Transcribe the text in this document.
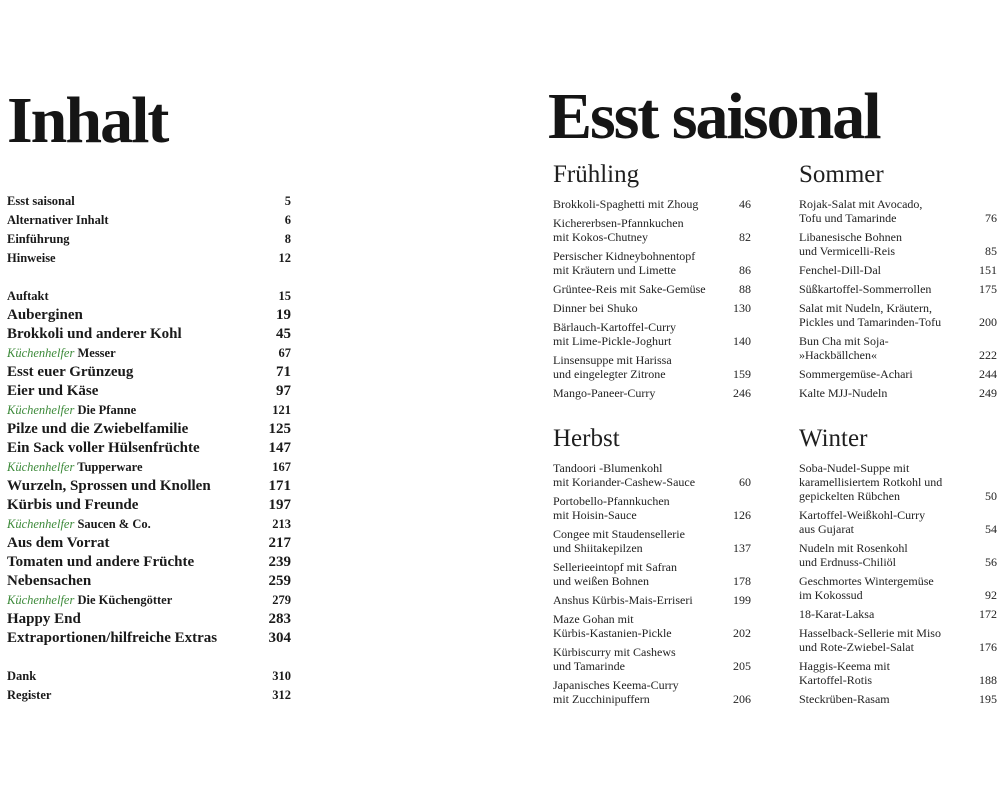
Inhalt
Esst saisonal	5
Alternativer Inhalt	6
Einführung	8
Hinweise	12
Auftakt	15
Auberginen	19
Brokkoli und anderer Kohl	45
Küchenhelfer Messer	67
Esst euer Grünzeug	71
Eier und Käse	97
Küchenhelfer Die Pfanne	121
Pilze und die Zwiebelfamilie	125
Ein Sack voller Hülsenfrüchte	147
Küchenhelfer Tupperware	167
Wurzeln, Sprossen und Knollen	171
Kürbis und Freunde	197
Küchenhelfer Saucen & Co.	213
Aus dem Vorrat	217
Tomaten und andere Früchte	239
Nebensachen	259
Küchenhelfer Die Küchengötter	279
Happy End	283
Extraportionen/hilfreiche Extras	304
Dank	310
Register	312
Esst saisonal
Frühling
Brokkoli-Spaghetti mit Zhoug	46
Kichererbsen-Pfannkuchen
mit Kokos-Chutney	82
Persischer Kidneybohnentopf
mit Kräutern und Limette	86
Grüntee-Reis mit Sake-Gemüse	88
Dinner bei Shuko	130
Bärlauch-Kartoffel-Curry
mit Lime-Pickle-Joghurt	140
Linsensuppe mit Harissa
und eingelegter Zitrone	159
Mango-Paneer-Curry	246
Sommer
Rojak-Salat mit Avocado,
Tofu und Tamarinde	76
Libanesische Bohnen
und Vermicelli-Reis	85
Fenchel-Dill-Dal	151
Süßkartoffel-Sommerrollen	175
Salat mit Nudeln, Kräutern,
Pickles und Tamarinden-Tofu	200
Bun Cha mit Soja-
»Hackbällchen«	222
Sommergemüse-Achari	244
Kalte MJJ-Nudeln	249
Herbst
Tandoori -Blumenkohl
mit Koriander-Cashew-Sauce	60
Portobello-Pfannkuchen
mit Hoisin-Sauce	126
Congee mit Staudensellerie
und Shiitakepilzen	137
Sellerieeintopf mit Safran
und weißen Bohnen	178
Anshus Kürbis-Mais-Erriseri	199
Maze Gohan mit
Kürbis-Kastanien-Pickle	202
Kürbiscurry mit Cashews
und Tamarinde	205
Japanisches Keema-Curry
mit Zucchinipuffern	206
Winter
Soba-Nudel-Suppe mit
karamellisiertem Rotkohl und
gepickelten Rübchen	50
Kartoffel-Weißkohl-Curry
aus Gujarat	54
Nudeln mit Rosenkohl
und Erdnuss-Chiliöl	56
Geschmortes Wintergemüse
im Kokossud	92
18-Karat-Laksa	172
Hasselback-Sellerie mit Miso
und Rote-Zwiebel-Salat	176
Haggis-Keema mit
Kartoffel-Rotis	188
Steckrüben-Rasam	195
